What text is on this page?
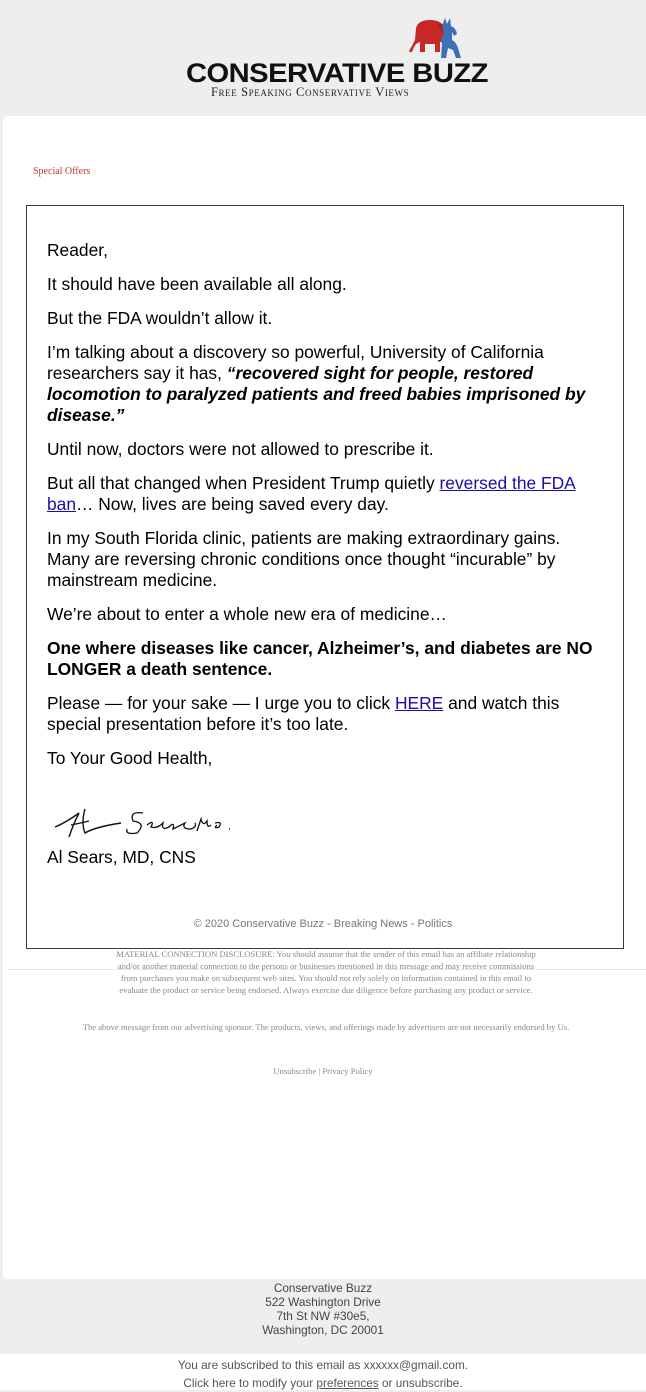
CONSERVATIVE BUZZ
Free Speaking Conservative Views
Special Offers

Reader,

It should have been available all along.

But the FDA wouldn’t allow it.

I’m talking about a discovery so powerful, University of California researchers say it has, “recovered sight for people, restored locomotion to paralyzed patients and freed babies imprisoned by disease.”

Until now, doctors were not allowed to prescribe it.

But all that changed when President Trump quietly reversed the FDA ban… Now, lives are being saved every day.

In my South Florida clinic, patients are making extraordinary gains. Many are reversing chronic conditions once thought “incurable” by mainstream medicine.

We’re about to enter a whole new era of medicine…

One where diseases like cancer, Alzheimer’s, and diabetes are NO LONGER a death sentence.

Please — for your sake — I urge you to click HERE and watch this special presentation before it’s too late.

To Your Good Health,

Al Sears, MD, CNS

© 2020 Conservative Buzz - Breaking News - Politics
MATERIAL CONNECTION DISCLOSURE: You should assume that the sender of this email has an affiliate relationship and/or another material connection to the persons or businesses mentioned in this message and may receive commissions from purchases you make on subsequent web sites. You should not rely solely on information contained in this email to evaluate the product or service being endorsed. Always exercise due diligence before purchasing any product or service.
The above message from our advertising sponsor. The products, views, and offerings made by advertisers are not necessarily endorsed by Us.
Unsubscribe | Privacy Policy
Conservative Buzz
522 Washington Drive
7th St NW #30e5,
Washington, DC 20001
You are subscribed to this email as xxxxxx@gmail.com.
Click here to modify your preferences or unsubscribe.
